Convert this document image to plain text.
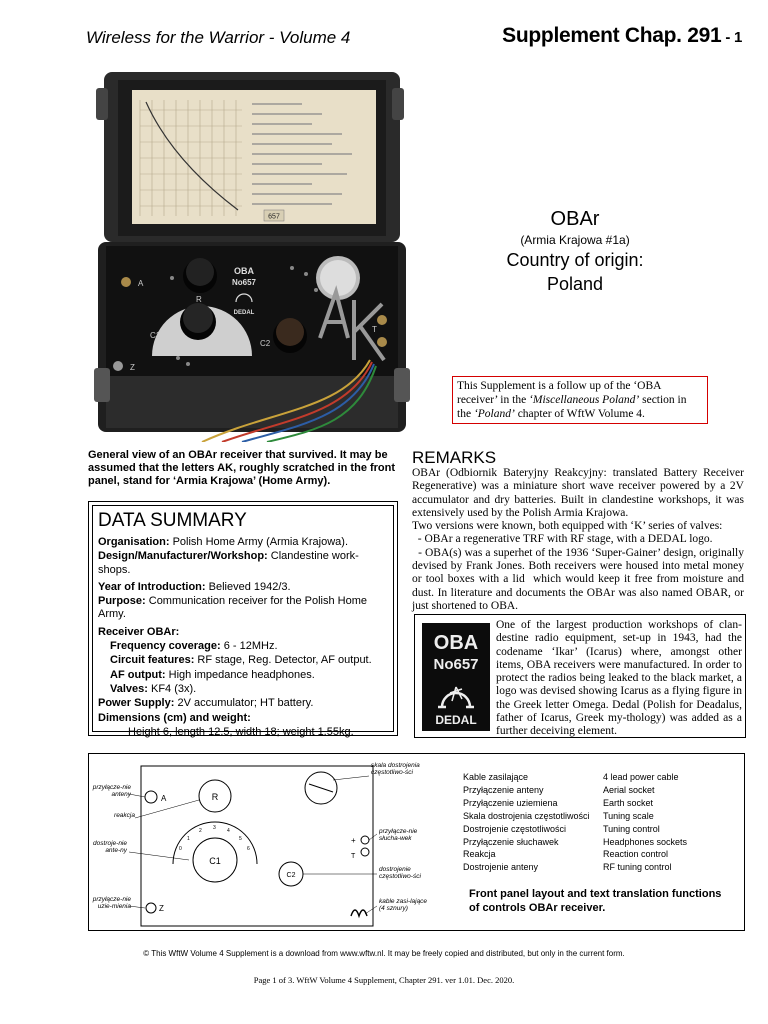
Wireless for the Warrior - Volume 4	Supplement Chap. 291 - 1
657
OBA
No657
DEDAL
A
R
C1
C2
T
Z
OBAr
(Armia Krajowa #1a)
Country of origin:
Poland
This Supplement is a follow up of the ‘OBA receiver’ in the ‘Miscellaneous Poland’ section in the ‘Poland’ chapter of WftW Volume 4.
General view of an OBAr receiver that survived. It may be assumed that the letters AK, roughly scratched in the front panel, stand for ‘Armia Krajowa’ (Home Army).
DATA SUMMARY
Organisation: Polish Home Army (Armia Krajowa).
Design/Manufacturer/Workshop: Clandestine work-shops.
Year of Introduction: Believed 1942/3.
Purpose: Communication receiver for the Polish Home Army.
Receiver OBAr:
Frequency coverage: 6 - 12MHz.
Circuit features: RF stage, Reg. Detector, AF output.
AF output: High impedance headphones.
Valves: KF4 (3x).
Power Supply: 2V accumulator; HT battery.
Dimensions (cm) and weight:
Height 6, length 12.5, width 18; weight 1.55kg.
REMARKS

OBAr (Odbiornik Bateryjny Reakcyjny: translated Battery Receiver Regenerative) was a miniature short wave receiver powered by a 2V accumulator and dry batteries. Built in clandestine workshops, it was extensively used by the Polish Armia Krajowa.

Two versions were known, both equipped with ‘K’ series of valves:

- OBAr a regenerative TRF with RF stage, with a DEDAL logo.

- OBA(s) was a superhet of the 1936 ‘Super-Gainer’ design, originally devised by Frank Jones. Both receivers were housed into metal money or tool boxes with a lid  which would keep it free from moisture and dust. In literature and documents the OBAr was also named OBAR, or just shortened to OBA.

OBA
No657
DEDAL
One of the largest production workshops of clan-destine radio equipment, set-up in 1943, had the codename ‘Ikar’ (Icarus) where, amongst other items, OBA receivers were manufactured. In order to protect the radios being leaked to the black market, a logo was devised showing Icarus as a flying figure in the Greek letter Omega. Dedal (Polish for Deadalus, father of Icarus, Greek my-thology) was added as a further deceiving element.
A	R
0
1
2 3 4
5
6
C1
Z
+
T
C2
przyłącze-nie anteny
reakcja
dostroje-nie ante-ny
przyłącze-nie uzie-mienia
skala dostrojenia częstotliwo-ści
przyłącze-nie słucha-wek
dostrojenie częstotliwo-ści
kable zasi-lające (4 sznury)
Kable zasilające	4 lead power cable
Przyłączenie anteny	Aerial socket
Przyłączenie uziemiena	Earth socket
Skala dostrojenia częstotliwości	Tuning scale
Dostrojenie częstotliwości	Tuning control
Przyłączenie słuchawek	Headphones sockets
Reakcja	Reaction control
Dostrojenie anteny	RF tuning control
Front panel layout and text translation functions of controls OBAr receiver.
© This WftW Volume 4 Supplement is a download from www.wftw.nl. It may be freely copied and distributed, but only in the current form.
Page 1 of 3. WftW Volume 4 Supplement, Chapter 291. ver 1.01. Dec. 2020.
